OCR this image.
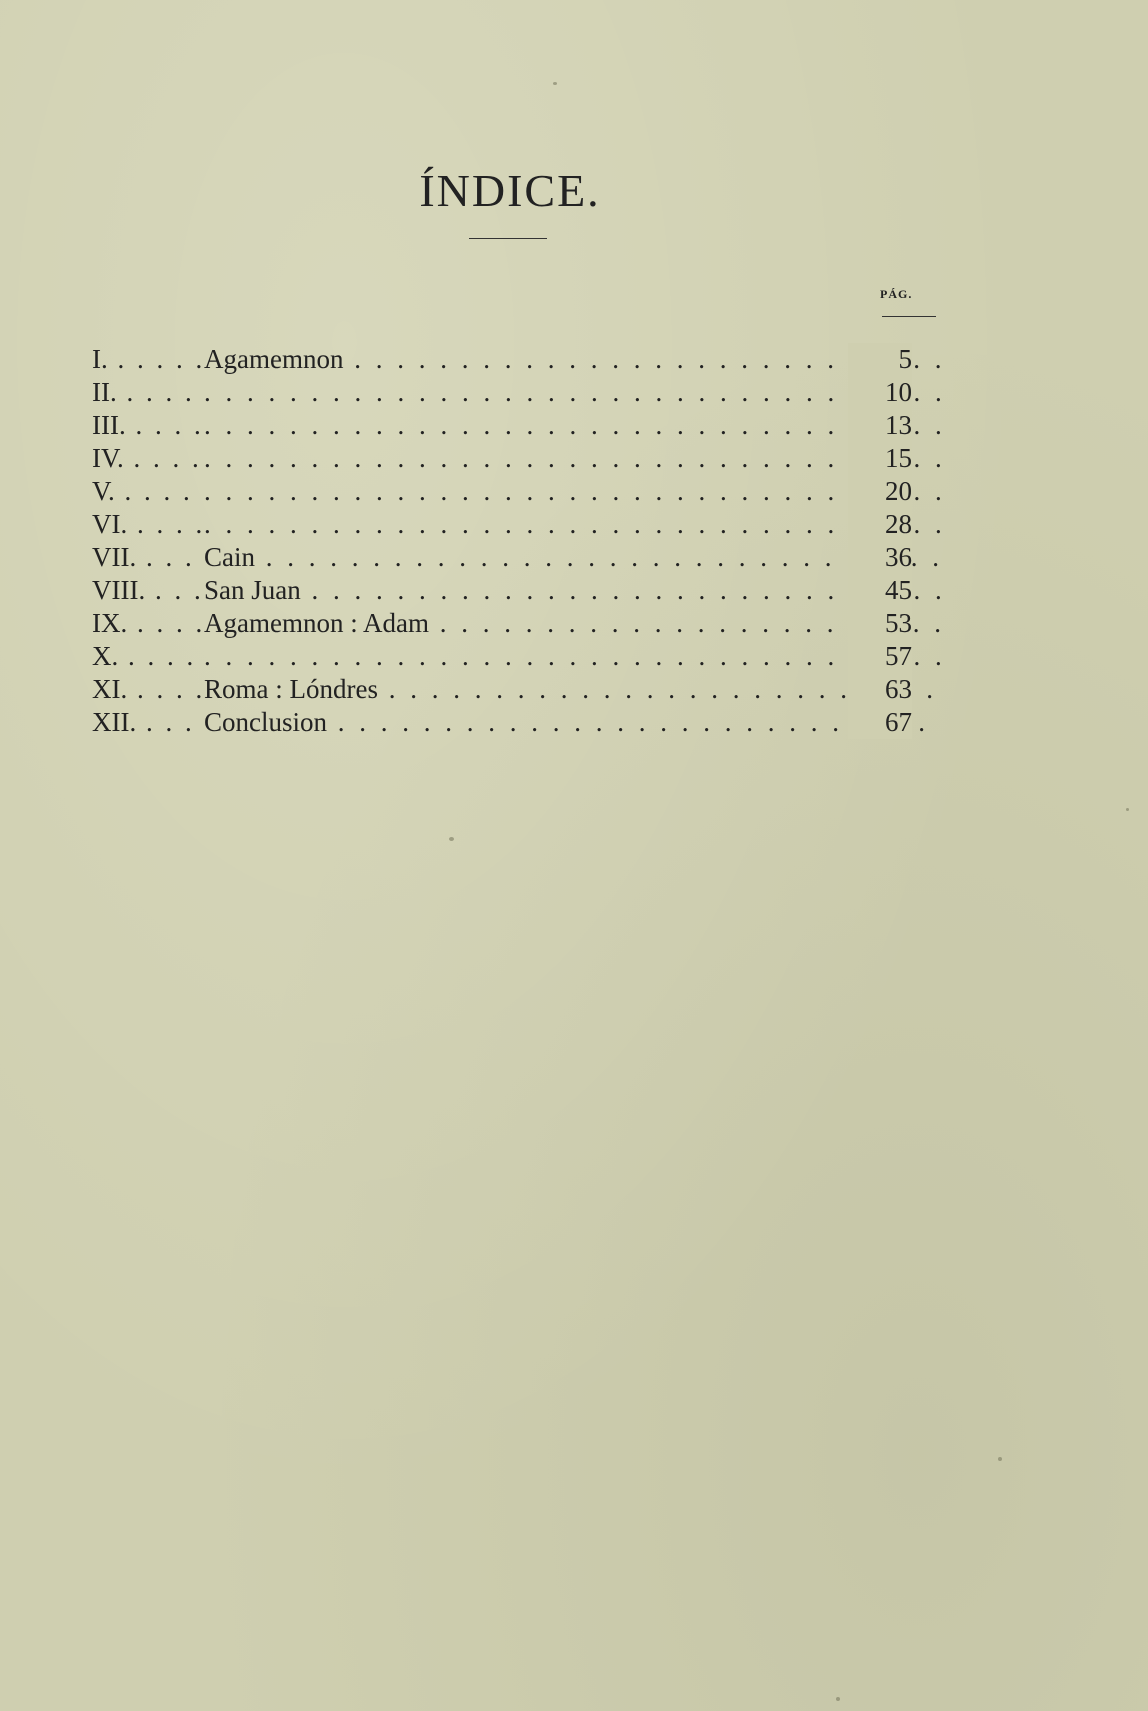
ÍNDICE.
PÁG.
I. . . .	Agamemnon . . .	5
II. . . . . . .	10
III. . . . . . .	13
IV. . . . . . .	15
V. . . . . . .	20
VI. . . . . . .	28
VII. . . .	Cain . . .	36
VIII. . . .	San Juan . . .	45
IX. . . .	Agamemnon : Adam . . .	53
X. . . . . . .	57
XI. . . .	Roma : Lóndres . . .	63
XII. . . .	Conclusion . . .	67
